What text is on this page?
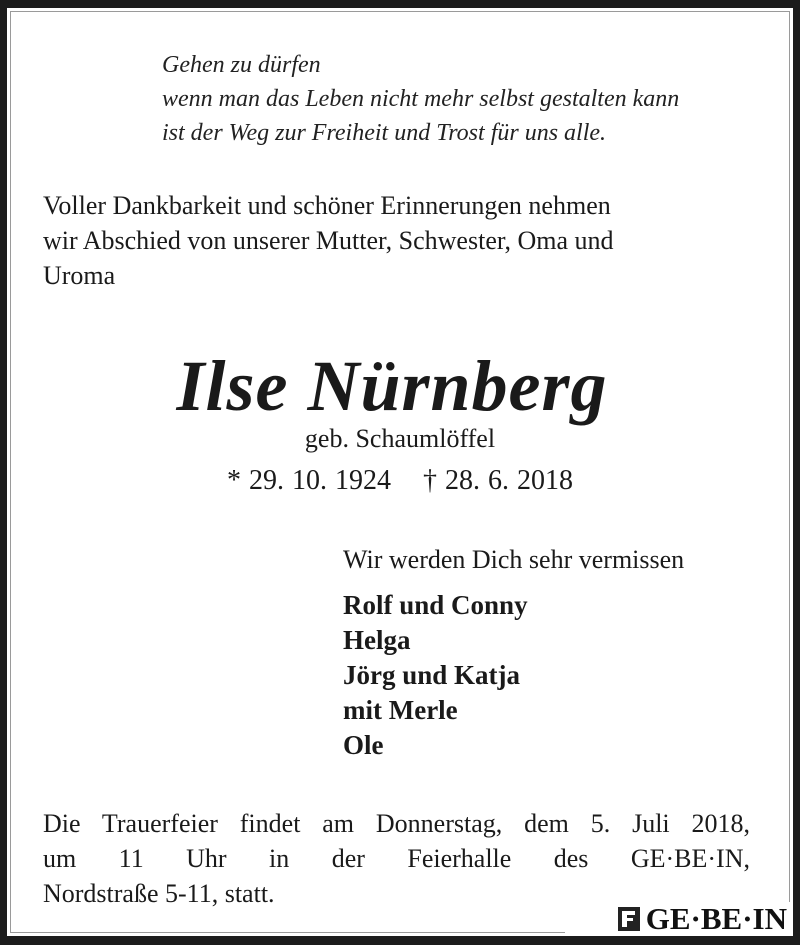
Gehen zu dürfen
wenn man das Leben nicht mehr selbst gestalten kann
ist der Weg zur Freiheit und Trost für uns alle.
Voller Dankbarkeit und schöner Erinnerungen nehmen
wir Abschied von unserer Mutter, Schwester, Oma und
Uroma
Ilse Nürnberg
geb. Schaumlöffel
* 29. 10. 1924 † 28. 6. 2018
Wir werden Dich sehr vermissen
Rolf und Conny
Helga
Jörg und Katja
mit Merle
Ole
Die Trauerfeier findet am Donnerstag, dem 5. Juli 2018,
um 11 Uhr in der Feierhalle des GE·BE·IN,
Nordstraße 5-11, statt.
GE·BE·IN
